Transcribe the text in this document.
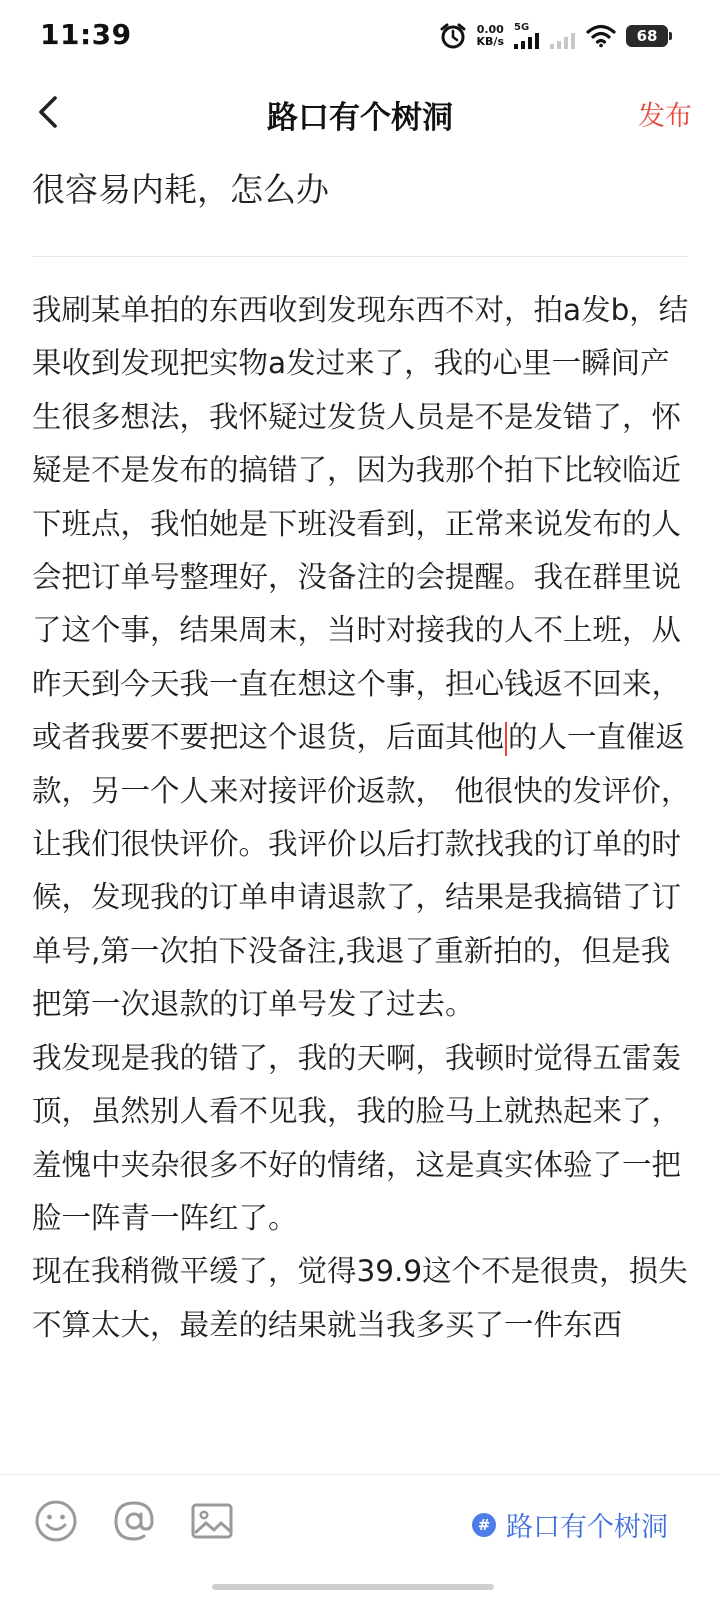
11:39	0.00
KB/s
5G	68
路口有个树洞	发布
很容易内耗，怎么办

我刷某单拍的东西收到发现东西不对，拍a发b，结果收到发现把实物a发过来了，我的心里一瞬间产生很多想法，我怀疑过发货人员是不是发错了，怀疑是不是发布的搞错了，因为我那个拍下比较临近下班点，我怕她是下班没看到，正常来说发布的人会把订单号整理好，没备注的会提醒。我在群里说了这个事，结果周末，当时对接我的人不上班，从昨天到今天我一直在想这个事，担心钱返不回来，或者我要不要把这个退货，后面其他 的人一直催返款，另一个人来对接评价返款， 他很快的发评价，让我们很快评价。我评价以后打款找我的订单的时候，发现我的订单申请退款了，结果是我搞错了订单号,第一次拍下没备注,我退了重新拍的，但是我把第一次退款的订单号发了过去。

我发现是我的错了，我的天啊，我顿时觉得五雷轰顶，虽然别人看不见我，我的脸马上就热起来了，羞愧中夹杂很多不好的情绪，这是真实体验了一把脸一阵青一阵红了。

现在我稍微平缓了，觉得39.9这个不是很贵，损失不算太大，最差的结果就当我多买了一件东西

# 路口有个树洞
